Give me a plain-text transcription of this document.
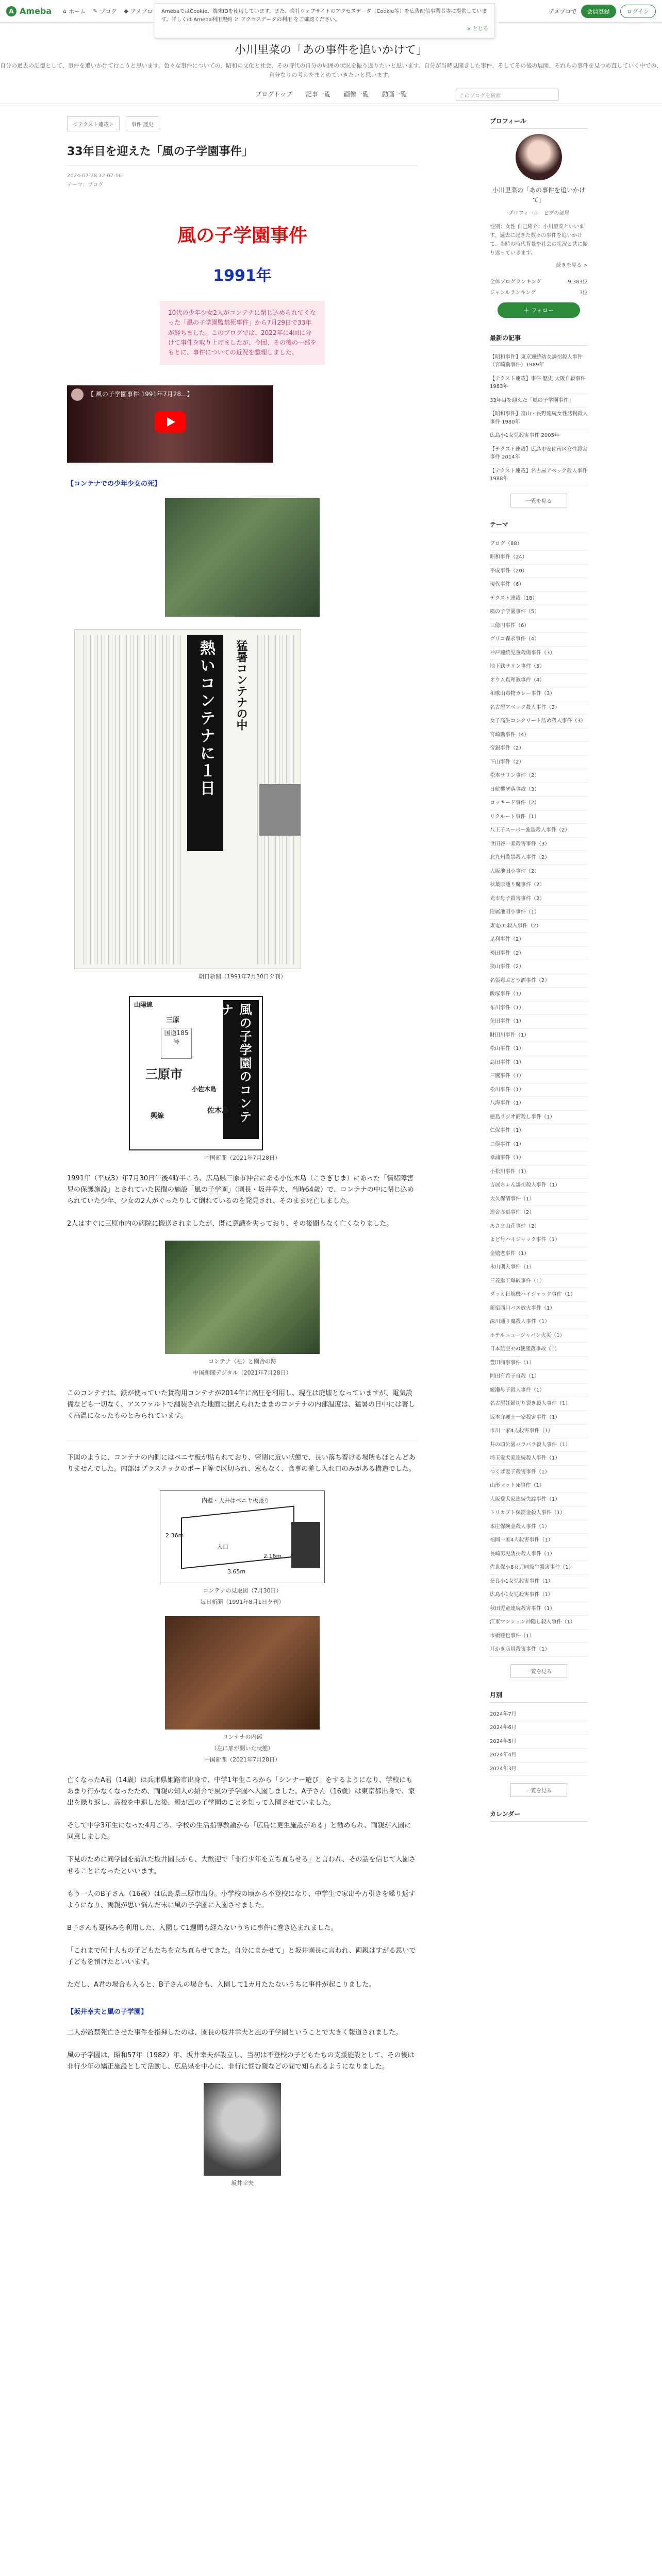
A Ameba ⌂ ホーム ✎ ブログ ◆ アメブロ	アメブロで	会員登録	ログイン
AmebaではCookie、端末IDを使用しています。また、当社ウェブサイトのアクセスデータ（Cookie等）を広告配信事業者等に提供しています。詳しくは Ameba利用規約 と アクセスデータの利用 をご確認ください。
× とじる
小川里菜の「あの事件を追いかけて」
自分の過去の記憶として、事件を追いかけて行こうと思います。色々な事件についての、昭和の文化と社会、その時代の自分の周囲の状況を振り返りたいと思います。自分が当時見聞きした事件、そしてその後の展開、それらの事件を見つめ直していく中での、自分なりの考えをまとめていきたいと思います。
ブログトップ 記事一覧 画像一覧 動画一覧	このブログを検索
＜テクスト連載＞	事件 歴史
33年目を迎えた「風の子学園事件」
2024-07-28 12:07:16
テーマ：ブログ
風の子学園事件
1991年
10代の少年少女2人がコンテナに閉じ込められてくなった「風の子学園監禁死事件」から7月29日で33年が経ちました。このブログでは、2022年に4回に分けて事件を取り上げましたが、今回、その後の一部をもとに、事件についての近況を整理しました。
【 風の子学園事件 1991年7月28...】
【コンテナでの少年少女の死】
熱いコンテナに１日	猛暑コンテナの中
朝日新聞（1991年7月30日夕刊）
風の子学園のコンテナ
山陽線
三原市
三原
国道185号
佐木島
小佐木島
興線
中国新聞（2021年7月28日）

1991年（平成3）年7月30日午後4時半ころ、広島県三原市沖合にある小佐木島（こさぎじま）にあった「情緒障害児の保護施設」とされていた民間の施設「風の子学園」（園長・坂井幸夫、当時64歳）で、コンテナの中に閉じ込められていた少年、少女の2人がぐったりして倒れているのを発見され、そのまま死亡しました。

2人はすぐに三原市内の病院に搬送されましたが、既に意識を失っており、その後間もなく亡くなりました。

コンテナ（左）と園舎の跡
中国新聞デジタル（2021年7月28日）

このコンテナは、鉄が使っていた貨物用コンテナが2014年に高圧を利用し、現在は廃墟となっていますが、電気設備なども一切なく、アスファルトで舗装された地面に据えられたままのコンテナの内部温度は、猛暑の日中には著しく高温になったものとみられています。

下図のように、コンテナの内側にはベニヤ板が貼られており、密閉に近い状態で、長い落ち着ける場所もほとんどありませんでした。内部はプラスチックのボード等で区切られ、窓もなく、食事の差し入れ口のみがある構造でした。

内壁・天井はベニヤ板張り
2.36m
3.65m
2.16m
入口
コンテナの見取図（7月30日）
毎日新聞（1991年8月1日夕刊）
コンテナの内部
（左に扉が開いた状態）
中国新聞（2021年7月28日）

亡くなったA君（14歳）は兵庫県姫路市出身で、中学1年生ころから「シンナー遊び」をするようになり、学校にもあまり行かなくなったため、両親の知人の紹介で風の子学園へ入園しました。A子さん（16歳）は東京都出身で、家出を繰り返し、高校を中退した後、親が風の子学園のことを知って入園させていました。

そして中学3年生になった4月ごろ、学校の生活指導教諭から「広島に更生施設がある」と勧められ、両親が入園に同意しました。

下見のために同学園を訪れた坂井園長から、大歓迎で「非行少年を立ち直らせる」と言われ、その話を信じて入園させることになったといいます。

もう一人のB子さん（16歳）は広島県三原市出身。小学校の頃から不登校になり、中学生で家出や万引きを繰り返すようになり、両親が思い悩んだ末に風の子学園に入園させました。

B子さんも夏休みを利用した、入園して1週間も経たないうちに事件に巻き込まれました。

「これまで何十人もの子どもたちを立ち直らせてきた。自分にまかせて」と坂井園長に言われ、両親はすがる思いで子どもを預けたといいます。

ただし、A君の場合も入ると、B子さんの場合も、入園して1カ月たたないうちに事件が起こりました。

【坂井幸夫と風の子学園】

二人が監禁死亡させた事件を指揮したのは、園長の坂井幸夫と風の子学園ということで大きく報道されました。

風の子学園は、昭和57年（1982）年、坂井幸夫が設立し、当初は不登校の子どもたちの支援施設として、その後は非行少年の矯正施設として活動し、広島県を中心に、非行に悩む親などの間で知られるようになりました。

坂井幸夫
プロフィール
小川里菜の「あの事件を追いかけて」
プロフィール ピグの部屋
性別：女性 自己紹介：小川里菜といいます。過去に起きた数々の事件を追いかけて、当時の時代背景や社会の状況と共に振り返っていきます。
続きを見る >
全体ブログランキング	9,383位
ジャンルランキング	3位
＋ フォロー
最新の記事
【昭和事件】東京連続幼女誘拐殺人事件（宮崎勤事件）1989年
【テクスト連載】事件 歴史 大阪自殺事件 1983年
33年目を迎えた「風の子学園事件」
【昭和事件】富山・長野連続女性誘拐殺人事件 1980年
広島小1女児殺害事件 2005年
【テクスト連載】広島市安佐南区女性殺害事件 2014年
【テクスト連載】名古屋アベック殺人事件 1988年
一覧を見る
テーマ
ブログ（88）
昭和事件（24）
平成事件（20）
現代事件（6）
テクスト連載（18）
風の子学園事件（5）
三億円事件（6）
グリコ森永事件（4）
神戸連続児童殺傷事件（3）
地下鉄サリン事件（5）
オウム真理教事件（4）
和歌山毒物カレー事件（3）
名古屋アベック殺人事件（2）
女子高生コンクリート詰め殺人事件（3）
宮崎勤事件（4）
帝銀事件（2）
下山事件（2）
松本サリン事件（2）
日航機墜落事故（3）
ロッキード事件（2）
リクルート事件（1）
八王子スーパー強盗殺人事件（2）
世田谷一家殺害事件（3）
北九州監禁殺人事件（2）
大阪池田小事件（2）
秋葉原通り魔事件（2）
光市母子殺害事件（2）
附属池田小事件（1）
東電OL殺人事件（2）
足利事件（2）
袴田事件（2）
狭山事件（2）
名張毒ぶどう酒事件（2）
飯塚事件（1）
布川事件（1）
免田事件（1）
財田川事件（1）
松山事件（1）
島田事件（1）
三鷹事件（1）
松川事件（1）
八海事件（1）
徳島ラジオ商殺し事件（1）
仁保事件（1）
二俣事件（1）
幸浦事件（1）
小松川事件（1）
吉展ちゃん誘拐殺人事件（1）
大久保清事件（1）
連合赤軍事件（2）
あさま山荘事件（2）
よど号ハイジャック事件（1）
金嬉老事件（1）
永山則夫事件（1）
三菱重工爆破事件（1）
ダッカ日航機ハイジャック事件（1）
新宿西口バス放火事件（1）
深川通り魔殺人事件（1）
ホテルニュージャパン火災（1）
日本航空350便墜落事故（1）
豊田商事事件（1）
岡田有希子自殺（1）
綾瀬母子殺人事件（1）
名古屋妊婦切り裂き殺人事件（1）
坂本弁護士一家殺害事件（1）
市川一家4人殺害事件（1）
井の頭公園バラバラ殺人事件（1）
埼玉愛犬家連続殺人事件（1）
つくば妻子殺害事件（1）
山形マット死事件（1）
大阪愛犬家連続失踪事件（1）
トリカブト保険金殺人事件（1）
本庄保険金殺人事件（1）
福岡一家4人殺害事件（1）
長崎男児誘拐殺人事件（1）
佐世保小6女児同級生殺害事件（1）
奈良小1女児殺害事件（1）
広島小1女児殺害事件（1）
秋田児童連続殺害事件（1）
江東マンション神隠し殺人事件（1）
市橋達也事件（1）
耳かき店員殺害事件（1）
一覧を見る
月別
2024年7月
2024年6月
2024年5月
2024年4月
2024年3月
一覧を見る
カレンダー
